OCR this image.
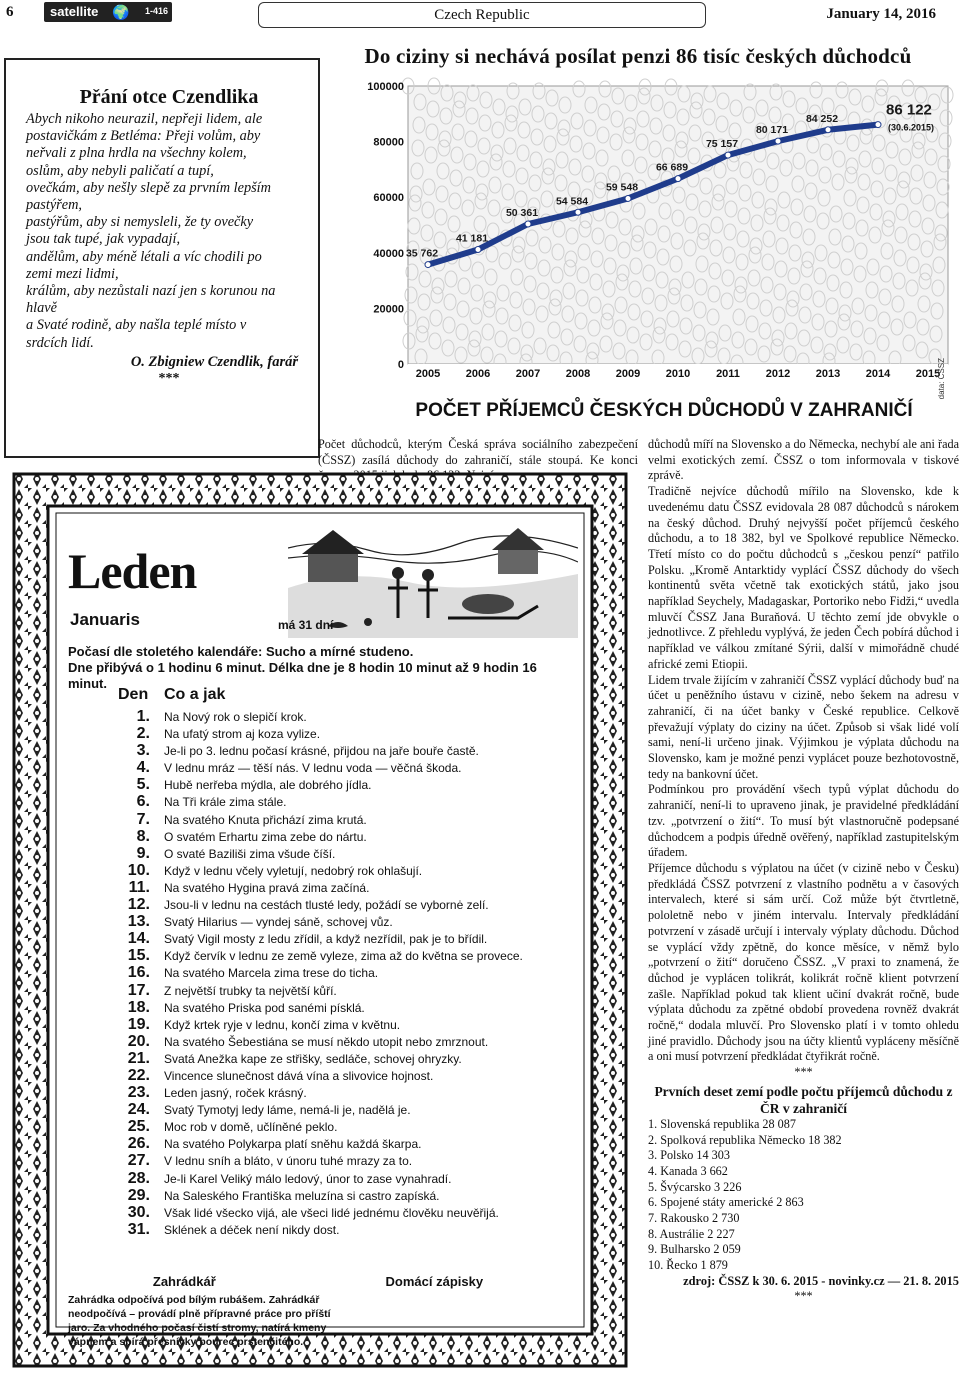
6	satellite 🌍 1-416	Czech Republic	January 14, 2016
Do ciziny si nechává posílat penzi 86 tisíc českých důchodců
Přání otce Czendlika
Abych nikoho neurazil, nepřeji lidem, ale
postavičkám z Betléma: Přeji volům, aby
neřvali z plna hrdla na všechny kolem,
oslům, aby nebyli paličatí a tupí,
ovečkám, aby nešly slepě za prvním lepším
pastýřem,
pastýřům, aby si nemysleli, že ty ovečky
jsou tak tupé, jak vypadají,
andělům, aby méně létali a víc chodili po
zemi mezi lidmi,
králům, aby nezůstali nazí jen s korunou na
hlavě
a Svaté rodině, aby našla teplé místo v
srdcích lidí.
O. Zbigniew Czendlik, farář
***
0
20000
40000
60000
80000
100000
2005 2006 2007 2008 2009 2010 2011 2012 2013 2014 2015
35 762
41 181
50 361
54 584
59 548
66 689
75 157
80 171
84 252
86 122
(30.6.2015)
data: ČSSZ
POČET PŘÍJEMCŮ ČESKÝCH DŮCHODŮ V ZAHRANIČÍ

Počet důchodců, kterým Česká správa sociálního zabezpečení (ČSSZ) zasílá důchody do zahraničí, stále stoupá. Ke konci

důchodů míří na Slovensko a do Německa, nechybí ale ani řada velmi exotických zemí. ČSSZ o tom informovala v tiskové zprávě.

Tradičně nejvíce důchodů mířilo na Slovensko, kde k uvedenému datu ČSSZ evidovala 28 087 důchodců s nárokem na český důchod. Druhý nejvyšší počet příjemců českého důchodu, a to 18 382, byl ve Spolkové republice Německo. Třetí místo co do počtu důchodců s „českou penzí“ patřilo Polsku. „Kromě Antarktidy vyplácí ČSSZ důchody do všech kontinentů světa včetně tak exotických států, jako jsou například Seychely, Madagaskar, Portoriko nebo Fidži,“ uvedla mluvčí ČSSZ Jana Buraňová. U těchto zemí jde obvykle o jednotlivce. Z přehledu vyplývá, že jeden Čech pobírá důchod i například ve válkou zmítané Sýrii, další v mimořádně chudé africké zemi Etiopii.

Lidem trvale žijícím v zahraničí ČSSZ vyplácí důchody buď na účet u peněžního ústavu v cizině, nebo šekem na adresu v zahraničí, či na účet banky v České republice. Celkově převažují výplaty do ciziny na účet. Způsob si však lidé volí sami, není-li určeno jinak. Výjimkou je výplata důchodu na Slovensko, kam je možné penzi vyplácet pouze bezhotovostně, tedy na bankovní účet.

Podmínkou pro provádění všech typů výplat důchodu do zahraničí, není-li to upraveno jinak, je pravidelné předkládání tzv. „potvrzení o žití“. To musí být vlastnoručně podepsané důchodcem a podpis úředně ověřený, například zastupitelským úřadem.

Příjemce důchodu s výplatou na účet (v cizině nebo v Česku) předkládá ČSSZ potvrzení z vlastního podnětu a v časových intervalech, které si sám určí. Což může být čtvrtletně, pololetně nebo v jiném intervalu. Intervaly předkládání potvrzení v zásadě určují i intervaly výplaty důchodu. Důchod se vyplácí vždy zpětně, do konce měsíce, v němž bylo „potvrzení o žití“ doručeno ČSSZ. „V praxi to znamená, že důchod je vyplácen tolikrát, kolikrát ročně klient potvrzení zašle. Například pokud tak klient učiní dvakrát ročně, bude výplata důchodu za zpětné období provedena rovněž dvakrát ročně,“ dodala mluvčí. Pro Slovensko platí i v tomto ohledu jiné pravidlo. Důchody jsou na účty klientů vypláceny měsíčně a oni musí potvrzení předkládat čtyřikrát ročně.

***
Prvních deset zemí podle počtu příjemců důchodu z ČR v zahraničí
1. Slovenská republika 28 087
2. Spolková republika Německo 18 382
3. Polsko 14 303
4. Kanada 3 662
5. Švýcarsko 3 226
6. Spojené státy americké 2 863
7. Rakousko 2 730
8. Austrálie 2 227
9. Bulharsko 2 059
10. Řecko 1 879
zdroj: ČSSZ k 30. 6. 2015 - novinky.cz — 21. 8. 2015
***
Leden
Januaris	má 31 dní
Počasí dle stoletého kalendáře: Sucho a mírné studeno.
Dne přibývá o 1 hodinu 6 minut. Délka dne je 8 hodin 10 minut až 9 hodin 16 minut.
Den Co a jak
1. Na Nový rok o slepičí krok.
2. Na ufatý strom aj koza vylize.
3. Je-li po 3. lednu počasí krásné, přijdou na jaře bouře častě.
4. V lednu mráz — těší nás. V lednu voda — věčná škoda.
5. Hubě nerřeba mýdla, ale dobrého jídla.
6. Na Tři krále zima stále.
7. Na svatého Knuta přichází zima krutá.
8. O svatém Erhartu zima zebe do nártu.
9. O svaté Baziliši zima všude číší.
10. Když v lednu včely vyletují, nedobrý rok ohlašují.
11. Na svatého Hygina pravá zima začíná.
12. Jsou-li v lednu na cestách tlusté ledy, požádí se vybornė zelí.
13. Svatý Hilarius — vyndej sáně, schovej vůz.
14. Svatý Vigil mosty z ledu zřídil, a když nezřídil, pak je to břídil.
15. Když červík v lednu ze země vyleze, zima až do května se provece.
16. Na svatého Marcela zima trese do ticha.
17. Z největší trubky ta největší kůří.
18. Na svatého Priska pod sanémi písklá.
19. Když krtek ryje v lednu, končí zima v květnu.
20. Na svatého Šebestiána se musí někdo utopit nebo zmrznout.
21. Svatá Anežka kape ze střišky, sedláče, schovej ohryzky.
22. Vincence slunečnost dává vína a slivovice hojnost.
23. Leden jasný, roček krásný.
24. Svatý Tymotyj ledy láme, nemá-li je, nadělá je.
25. Moc rob v domě, učlíněné peklo.
26. Na svatého Polykarpa platí sněhu každá škarpa.
27. V lednu sníh a bláto, v únoru tuhé mrazy za to.
28. Je-li Karel Veliký málo ledový, únor to zase vynahradí.
29. Na Saleského Františka meluzína si castro zapíská.
30. Však lidé všecko vijá, ale všeci lidé jednému člověku neuvěřijá.
31. Sklének a déček není nikdy dost.
Zahrádkář	Domácí zápisky
Zahrádka odpočívá pod bílým rubášem. Zahrádkář neodpočívá – provádí plně přípravné práce pro příští jaro. Za vhodného počasí čistí stromy, natírá kmeny vápnem a sbírá přesnívky bourec prstenčitého.
